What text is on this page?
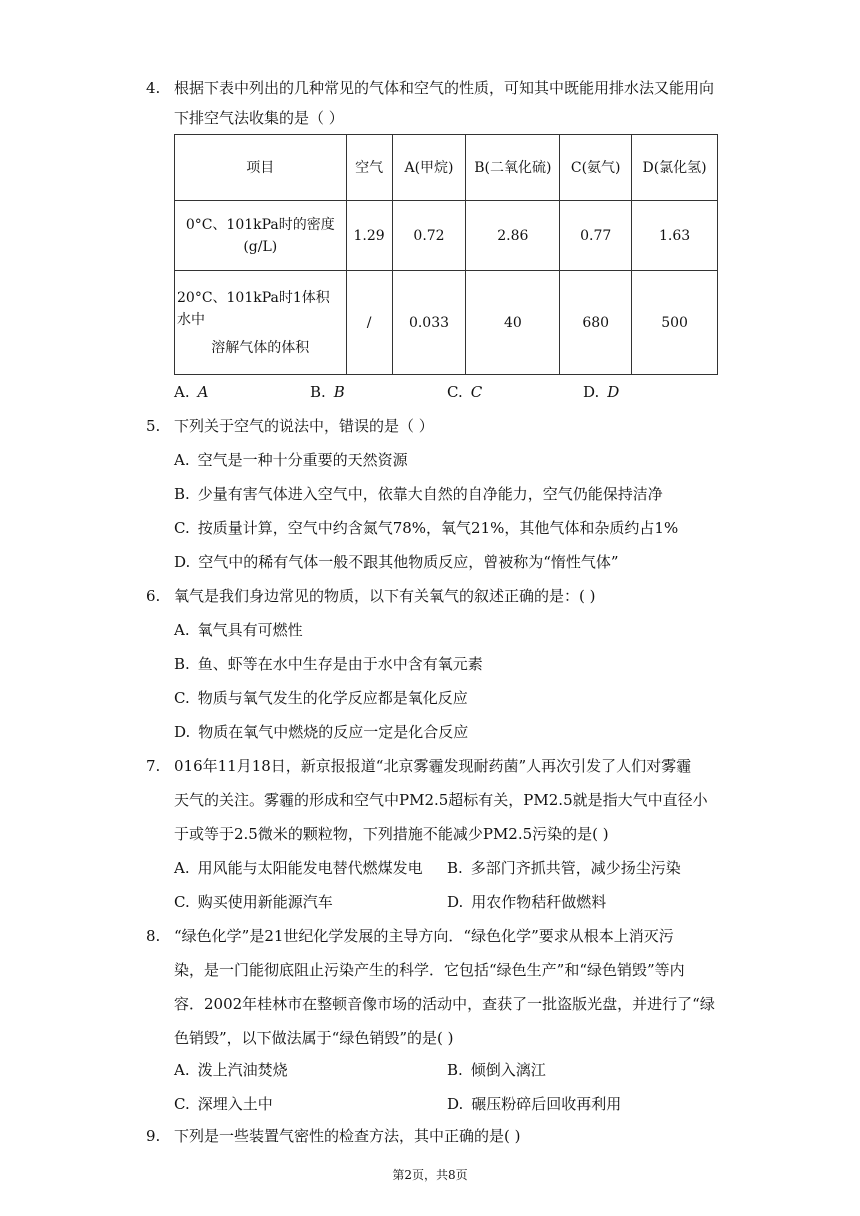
4. 根据下表中列出的几种常见的气体和空气的性质，可知其中既能用排水法又能用向
下排空气法收集的是（ ）
项目	空气	A(甲烷)	B(二氧化硫)	C(氨气)	D(氯化氢)
0°C、101kPa时的密度(g/L)	1.29	0.72	2.86	0.77	1.63

20°C、101kPa时1体积水中
溶解气体的体积	/	0.033	40	680	500
A. A	B. B	C. C	D. D
5. 下列关于空气的说法中，错误的是（ ）
A. 空气是一种十分重要的天然资源
B. 少量有害气体进入空气中，依靠大自然的自净能力，空气仍能保持洁净
C. 按质量计算，空气中约含氮气78%，氧气21%，其他气体和杂质约占1%
D. 空气中的稀有气体一般不跟其他物质反应，曾被称为“惰性气体”
6. 氧气是我们身边常见的物质，以下有关氧气的叙述正确的是：( )
A. 氧气具有可燃性
B. 鱼、虾等在水中生存是由于水中含有氧元素
C. 物质与氧气发生的化学反应都是氧化反应
D. 物质在氧气中燃烧的反应一定是化合反应
7. 016年11月18日，新京报报道“北京雾霾发现耐药菌”人再次引发了人们对雾霾
天气的关注。雾霾的形成和空气中PM2.5超标有关，PM2.5就是指大气中直径小
于或等于2.5微米的颗粒物，下列措施不能减少PM2.5污染的是( )
A. 用风能与太阳能发电替代燃煤发电 B. 多部门齐抓共管，减少扬尘污染
C. 购买使用新能源汽车	D. 用农作物秸秆做燃料
8. “绿色化学”是21世纪化学发展的主导方向．“绿色化学”要求从根本上消灭污
染，是一门能彻底阻止污染产生的科学．它包括“绿色生产”和“绿色销毁”等内
容．2002年桂林市在整顿音像市场的活动中，查获了一批盗版光盘，并进行了“绿
色销毁”，以下做法属于“绿色销毁”的是( )
A. 泼上汽油焚烧	B. 倾倒入漓江
C. 深埋入土中	D. 碾压粉碎后回收再利用
9. 下列是一些装置气密性的检查方法，其中正确的是( )
第2页，共8页
